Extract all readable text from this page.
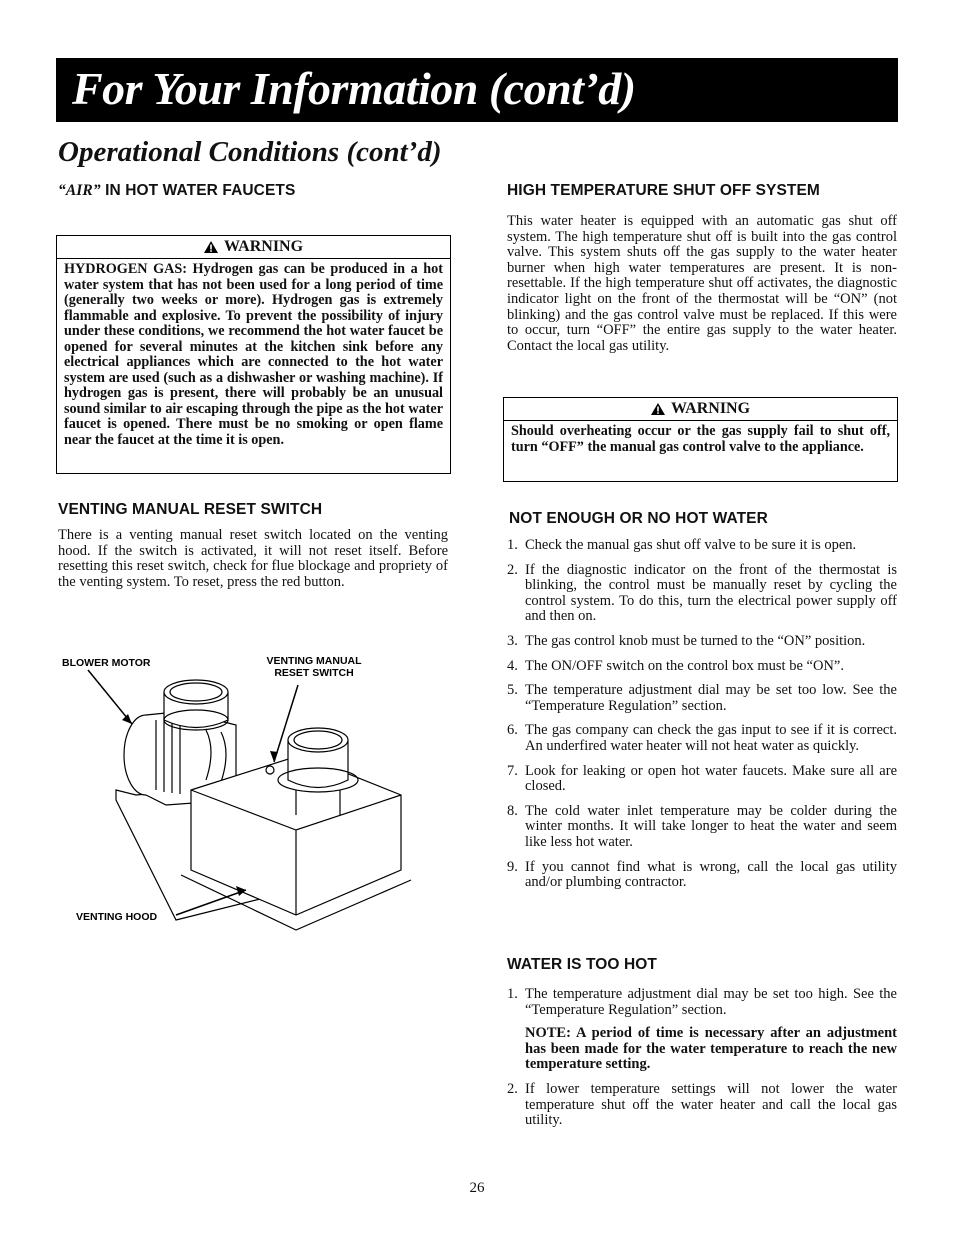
For Your Information (cont’d)
Operational Conditions (cont’d)
“AIR” IN HOT WATER FAUCETS
WARNING

HYDROGEN GAS: Hydrogen gas can be produced in a hot water system that has not been used for a long period of time (generally two weeks or more). Hydrogen gas is extremely flammable and explosive. To prevent the possibility of injury under these conditions, we recommend the hot water faucet be opened for several minutes at the kitchen sink before any electrical appliances which are connected to the hot water system are used (such as a dishwasher or washing machine). If hydrogen gas is present, there will probably be an unusual sound similar to air escaping through the pipe as the hot water faucet is opened. There must be no smoking or open flame near the faucet at the time it is open.

VENTING MANUAL RESET SWITCH

There is a venting manual reset switch located on the venting hood. If the switch is activated, it will not reset itself. Before resetting this reset switch, check for flue blockage and propriety of the venting system. To reset, press the red button.

BLOWER MOTOR	VENTING MANUAL
RESET SWITCH
VENTING HOOD
HIGH TEMPERATURE SHUT OFF SYSTEM

This water heater is equipped with an automatic gas shut off system. The high temperature shut off is built into the gas control valve. This system shuts off the gas supply to the water heater burner when high water temperatures are present. It is non-resettable. If the high temperature shut off activates, the diagnostic indicator light on the front of the thermostat will be “ON” (not blinking) and the gas control valve must be replaced. If this were to occur, turn “OFF” the entire gas supply to the water heater. Contact the local gas utility.

WARNING

Should overheating occur or the gas supply fail to shut off, turn “OFF” the manual gas control valve to the appliance.

NOT ENOUGH OR NO HOT WATER
1. Check the manual gas shut off valve to be sure it is open.
2. If the diagnostic indicator on the front of the thermostat is blinking, the control must be manually reset by cycling the control system. To do this, turn the electrical power supply off and then on.
3. The gas control knob must be turned to the “ON” position.
4. The ON/OFF switch on the control box must be “ON”.
5. The temperature adjustment dial may be set too low. See the “Temperature Regulation” section.
6. The gas company can check the gas input to see if it is correct. An underfired water heater will not heat water as quickly.
7. Look for leaking or open hot water faucets. Make sure all are closed.
8. The cold water inlet temperature may be colder during the winter months. It will take longer to heat the water and seem like less hot water.
9. If you cannot find what is wrong, call the local gas utility and/or plumbing contractor.
WATER IS TOO HOT
1. The temperature adjustment dial may be set too high. See the “Temperature Regulation” section.
NOTE: A period of time is necessary after an adjustment has been made for the water temperature to reach the new temperature setting.
2. If lower temperature settings will not lower the water temperature shut off the water heater and call the local gas utility.
26
